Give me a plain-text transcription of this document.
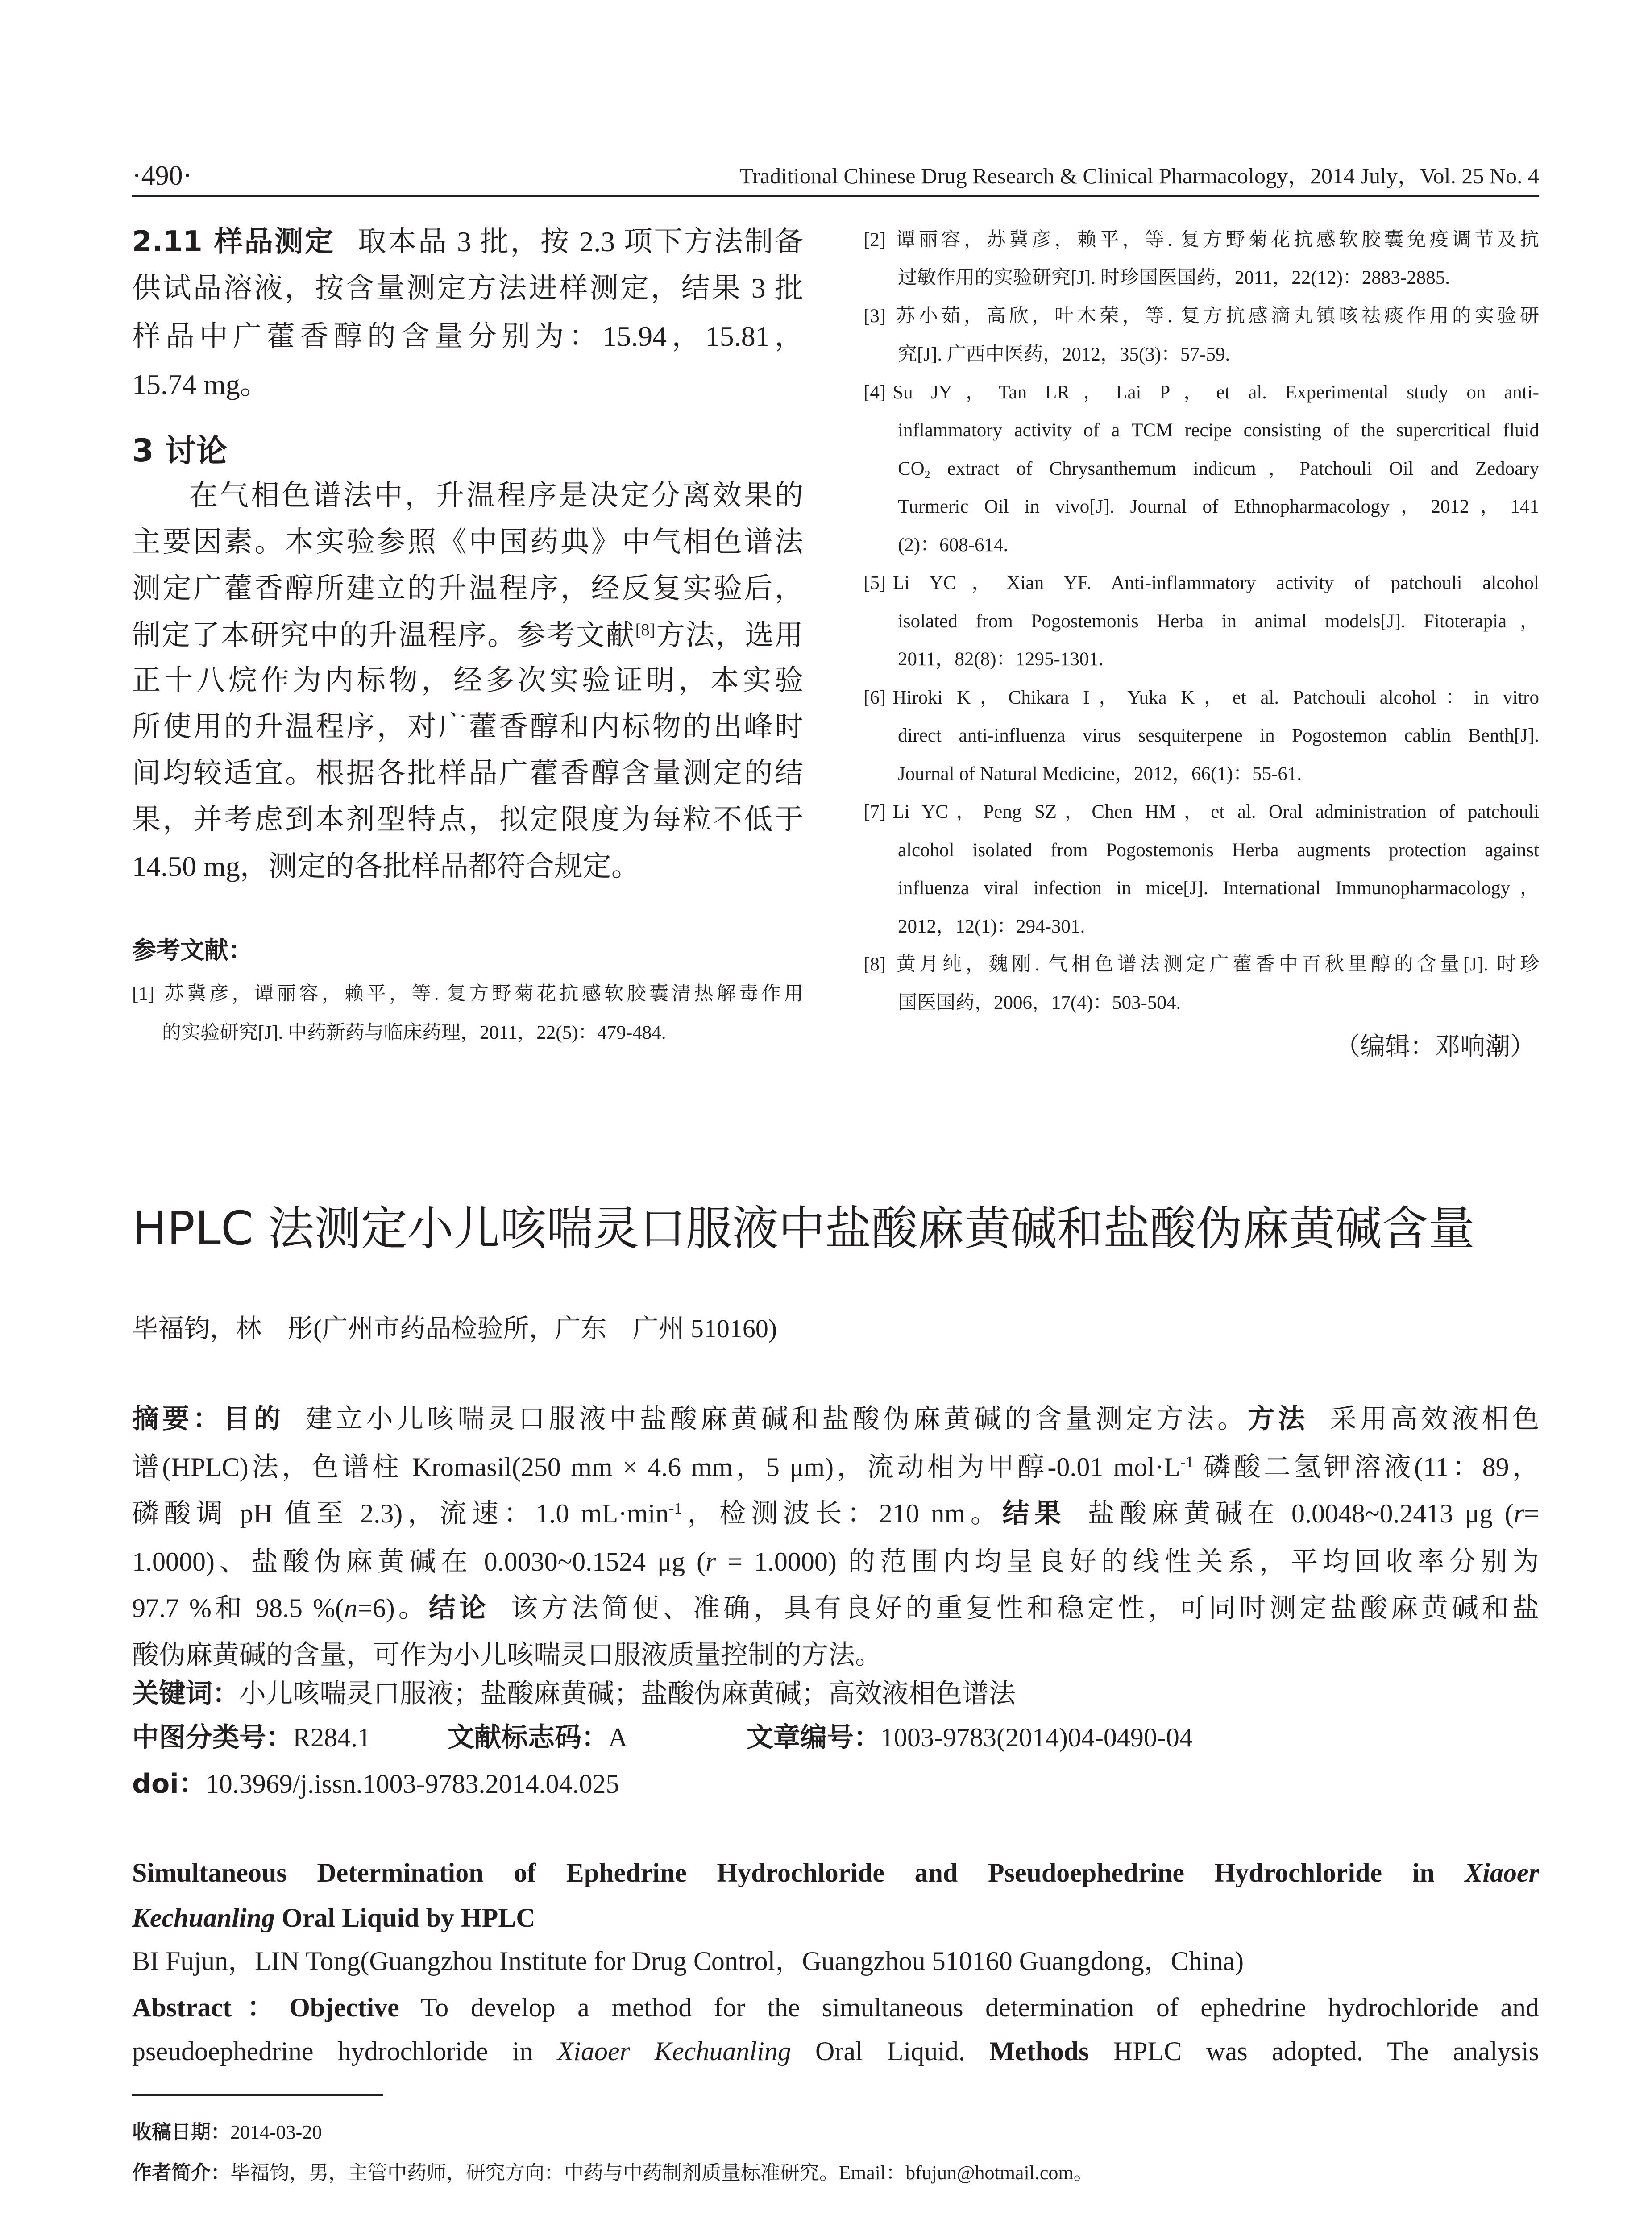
·490·	Traditional Chinese Drug Research & Clinical Pharmacology，2014 July，Vol. 25 No. 4
2.11 样品测定 取本品 3 批，按 2.3 项下方法制备
供试品溶液，按含量测定方法进样测定，结果 3 批
样品中广藿香醇的含量分别为：15.94，15.81，
15.74 mg。
3 讨论
在气相色谱法中，升温程序是决定分离效果的
主要因素。本实验参照《中国药典》中气相色谱法
测定广藿香醇所建立的升温程序，经反复实验后，
制定了本研究中的升温程序。参考文献[8]方法，选用
正十八烷作为内标物，经多次实验证明，本实验
所使用的升温程序，对广藿香醇和内标物的出峰时
间均较适宜。根据各批样品广藿香醇含量测定的结
果，并考虑到本剂型特点，拟定限度为每粒不低于
14.50 mg，测定的各批样品都符合规定。
参考文献：
[1] 苏冀彦，谭丽容，赖平，等. 复方野菊花抗感软胶囊清热解毒作用
的实验研究[J]. 中药新药与临床药理，2011，22(5)：479-484.
[2] 谭丽容，苏冀彦，赖平，等. 复方野菊花抗感软胶囊免疫调节及抗
过敏作用的实验研究[J]. 时珍国医国药，2011，22(12)：2883-2885.
[3] 苏小茹，高欣，叶木荣，等. 复方抗感滴丸镇咳祛痰作用的实验研
究[J]. 广西中医药，2012，35(3)：57-59.
[4] Su JY，Tan LR，Lai P，et al. Experimental study on anti-
inflammatory activity of a TCM recipe consisting of the supercritical fluid
$CO_2$ extract of Chrysanthemum indicum，Patchouli Oil and Zedoary
Turmeric Oil in vivo[J]. Journal of Ethnopharmacology，2012，141
(2)：608-614.
[5] Li YC，Xian YF. Anti-inflammatory activity of patchouli alcohol
isolated from Pogostemonis Herba in animal models[J]. Fitoterapia，
2011，82(8)：1295-1301.
[6] Hiroki K，Chikara I，Yuka K，et al. Patchouli alcohol：in vitro
direct anti-influenza virus sesquiterpene in Pogostemon cablin Benth[J].
Journal of Natural Medicine，2012，66(1)：55-61.
[7] Li YC，Peng SZ，Chen HM，et al. Oral administration of patchouli
alcohol isolated from Pogostemonis Herba augments protection against
influenza viral infection in mice[J]. International Immunopharmacology，
2012，12(1)：294-301.
[8] 黄月纯，魏刚. 气相色谱法测定广藿香中百秋里醇的含量[J]. 时珍
国医国药，2006，17(4)：503-504.
（编辑：邓响潮）
HPLC 法测定小儿咳喘灵口服液中盐酸麻黄碱和盐酸伪麻黄碱含量
毕福钧，林　彤(广州市药品检验所，广东　广州 510160)
摘要：目的 建立小儿咳喘灵口服液中盐酸麻黄碱和盐酸伪麻黄碱的含量测定方法。方法 采用高效液相色
谱(HPLC)法，色谱柱 Kromasil(250 mm × 4.6 mm，5 μm)，流动相为甲醇-0.01 $mol\cdot L^{-1}$ 磷酸二氢钾溶液(11：89，
磷酸调 pH 值至 2.3)，流速：1.0 $mL\cdot\min^{-1}$，检测波长：210 nm。结果 盐酸麻黄碱在 0.0048~0.2413 μg (r=
1.0000)、盐酸伪麻黄碱在 0.0030~0.1524 μg (r = 1.0000) 的范围内均呈良好的线性关系，平均回收率分别为
97.7 %和 98.5 %(n=6)。结论 该方法简便、准确，具有良好的重复性和稳定性，可同时测定盐酸麻黄碱和盐
酸伪麻黄碱的含量，可作为小儿咳喘灵口服液质量控制的方法。
关键词：小儿咳喘灵口服液；盐酸麻黄碱；盐酸伪麻黄碱；高效液相色谱法
中图分类号：R284.1	文献标志码：A	文章编号：1003-9783(2014)04-0490-04
doi：10.3969/j.issn.1003-9783.2014.04.025
Simultaneous Determination of Ephedrine Hydrochloride and Pseudoephedrine Hydrochloride in Xiaoer
Kechuanling Oral Liquid by HPLC
BI Fujun，LIN Tong(Guangzhou Institute for Drug Control，Guangzhou 510160 Guangdong，China)
Abstract：Objective To develop a method for the simultaneous determination of ephedrine hydrochloride and
pseudoephedrine hydrochloride in Xiaoer Kechuanling Oral Liquid. Methods HPLC was adopted. The analysis
收稿日期：2014-03-20
作者简介：毕福钧，男，主管中药师，研究方向：中药与中药制剂质量标准研究。Email：bfujun@hotmail.com。
